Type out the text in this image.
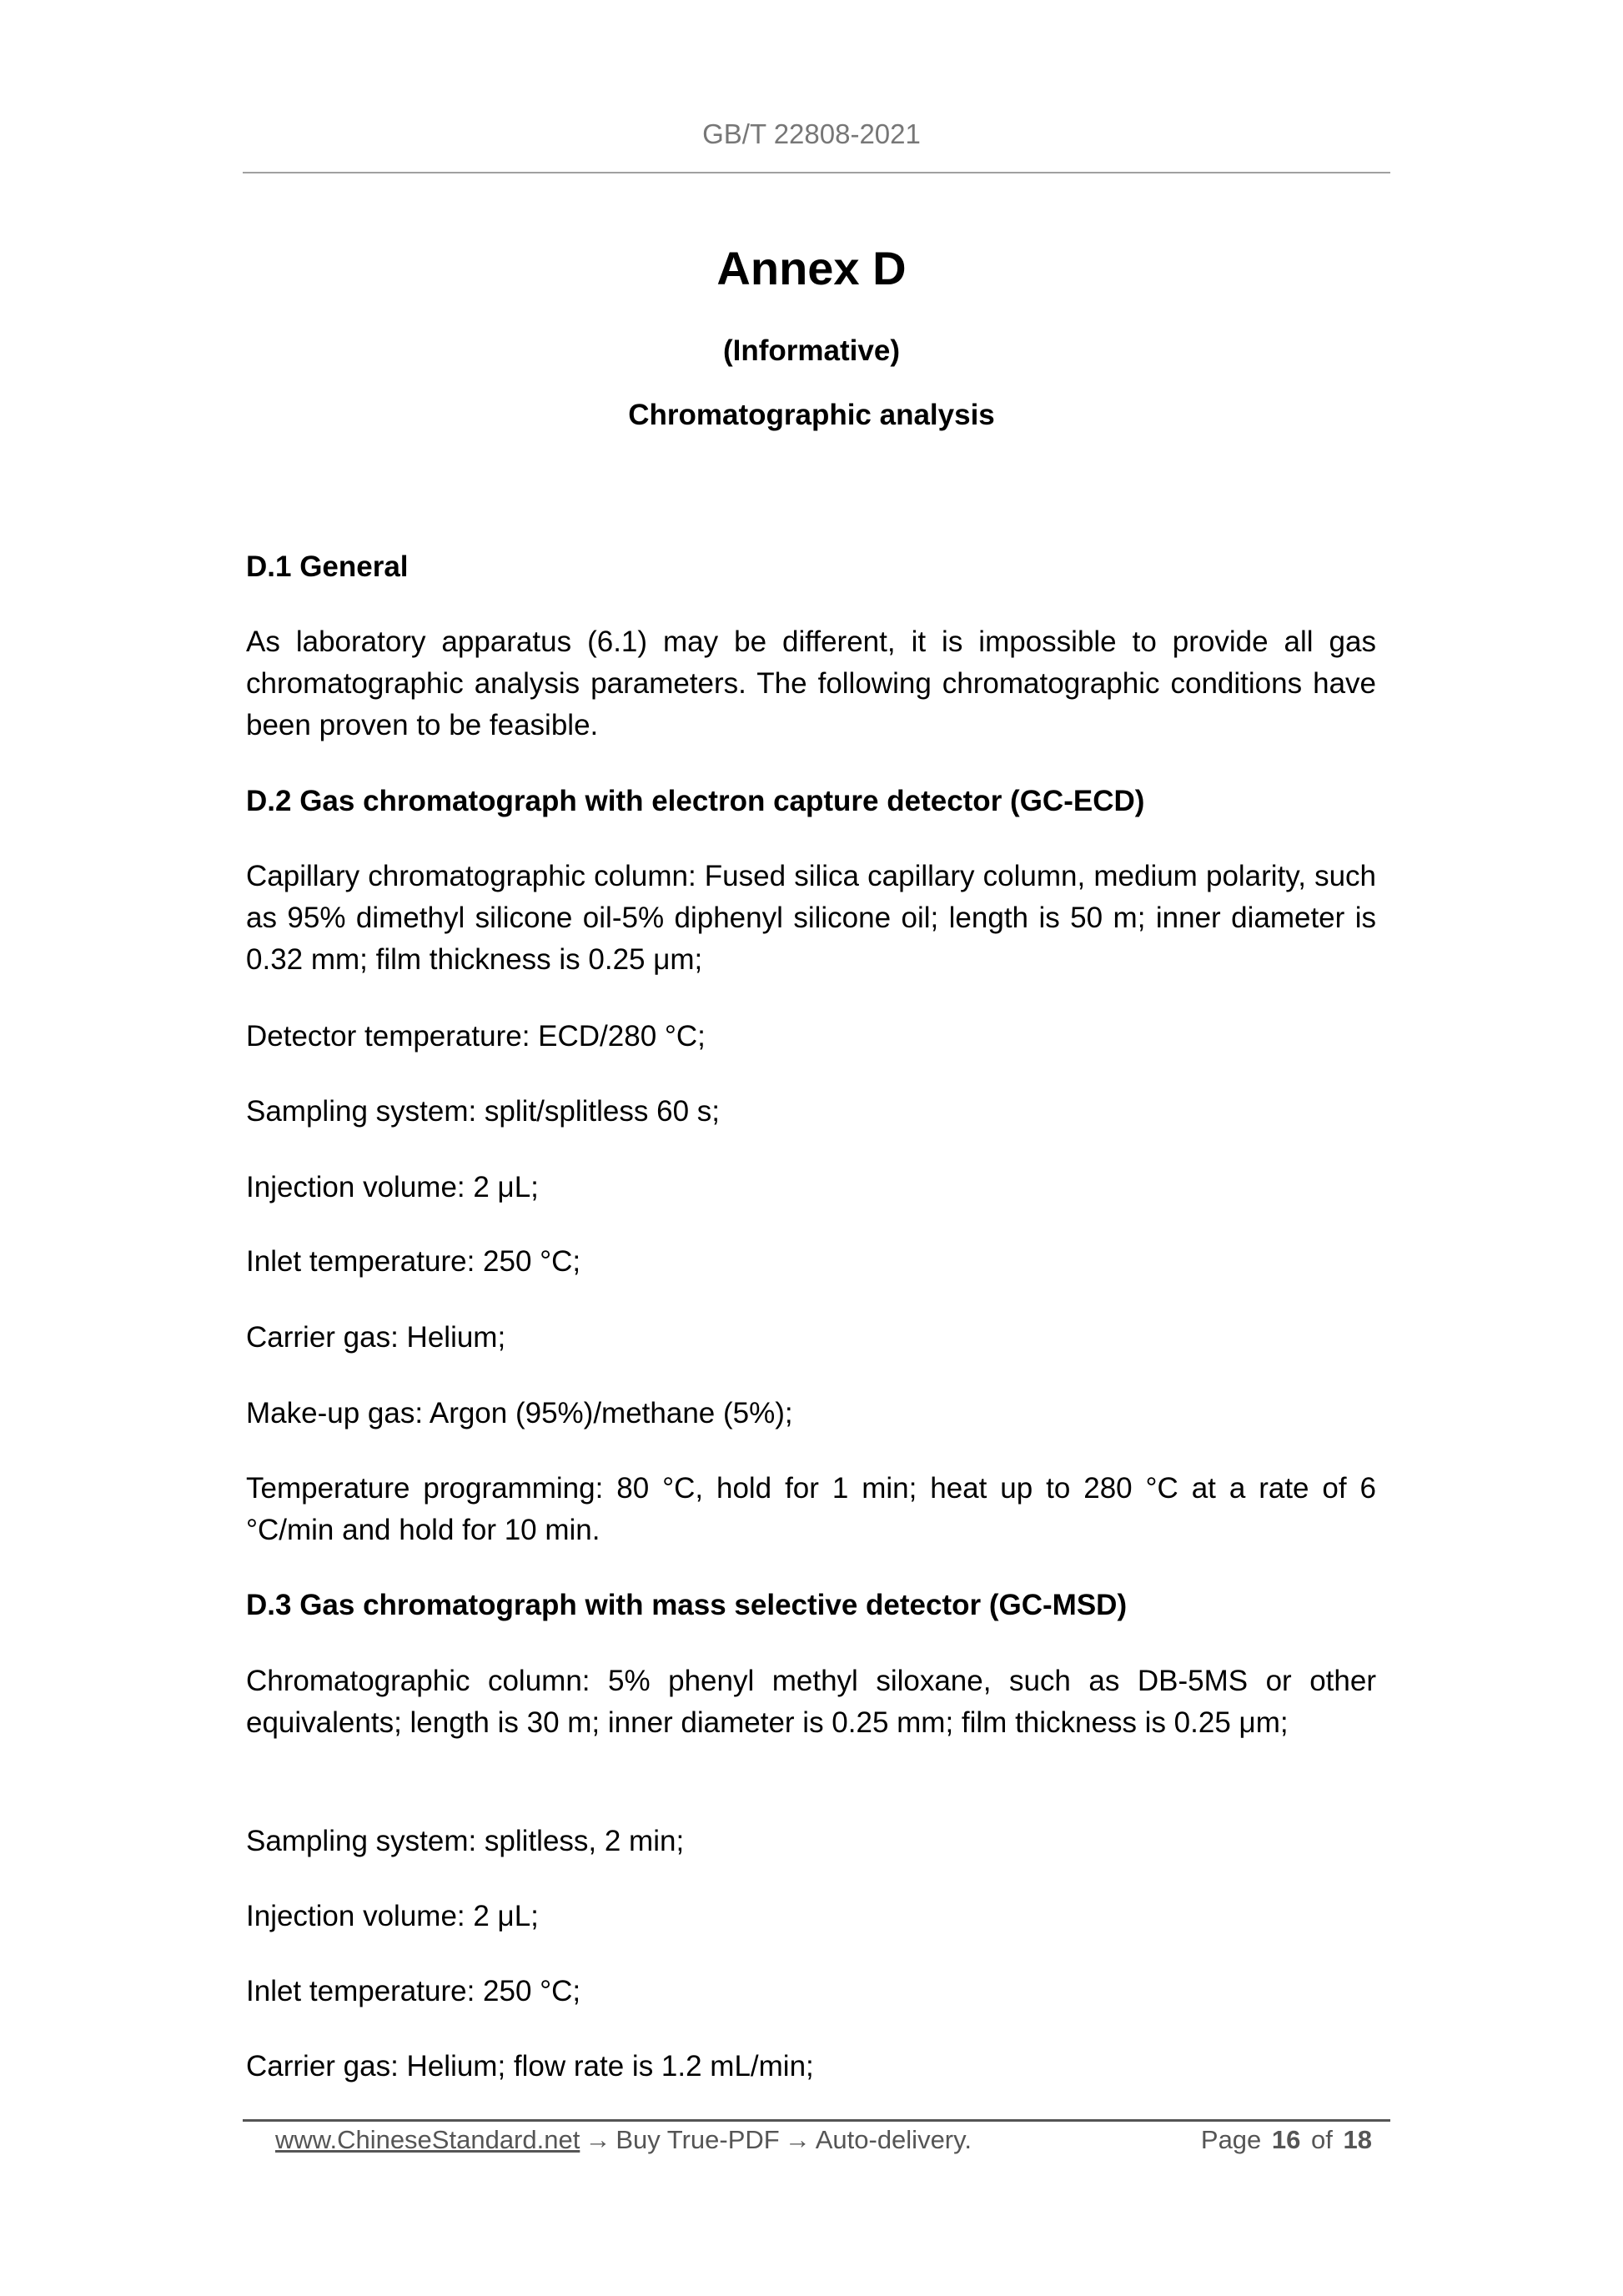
GB/T 22808-2021
Annex D
(Informative)
Chromatographic analysis
D.1 General

As laboratory apparatus (6.1) may be different, it is impossible to provide all gas chromatographic analysis parameters. The following chromatographic conditions have been proven to be feasible.

D.2 Gas chromatograph with electron capture detector (GC-ECD)

Capillary chromatographic column: Fused silica capillary column, medium polarity, such as 95% dimethyl silicone oil-5% diphenyl silicone oil; length is 50 m; inner diameter is 0.32 mm; film thickness is 0.25 μm;

Detector temperature: ECD/280 °C;

Sampling system: split/splitless 60 s;

Injection volume: 2 μL;

Inlet temperature: 250 °C;

Carrier gas: Helium;

Make-up gas: Argon (95%)/methane (5%);

Temperature programming: 80 °C, hold for 1 min; heat up to 280 °C at a rate of 6 °C/min and hold for 10 min.

D.3 Gas chromatograph with mass selective detector (GC-MSD)

Chromatographic column: 5% phenyl methyl siloxane, such as DB-5MS or other equivalents; length is 30 m; inner diameter is 0.25 mm; film thickness is 0.25 μm;

Sampling system: splitless, 2 min;

Injection volume: 2 μL;

Inlet temperature: 250 °C;

Carrier gas: Helium; flow rate is 1.2 mL/min;

www.ChineseStandard.net → Buy True-PDF → Auto-delivery.	Page 16 of 18
